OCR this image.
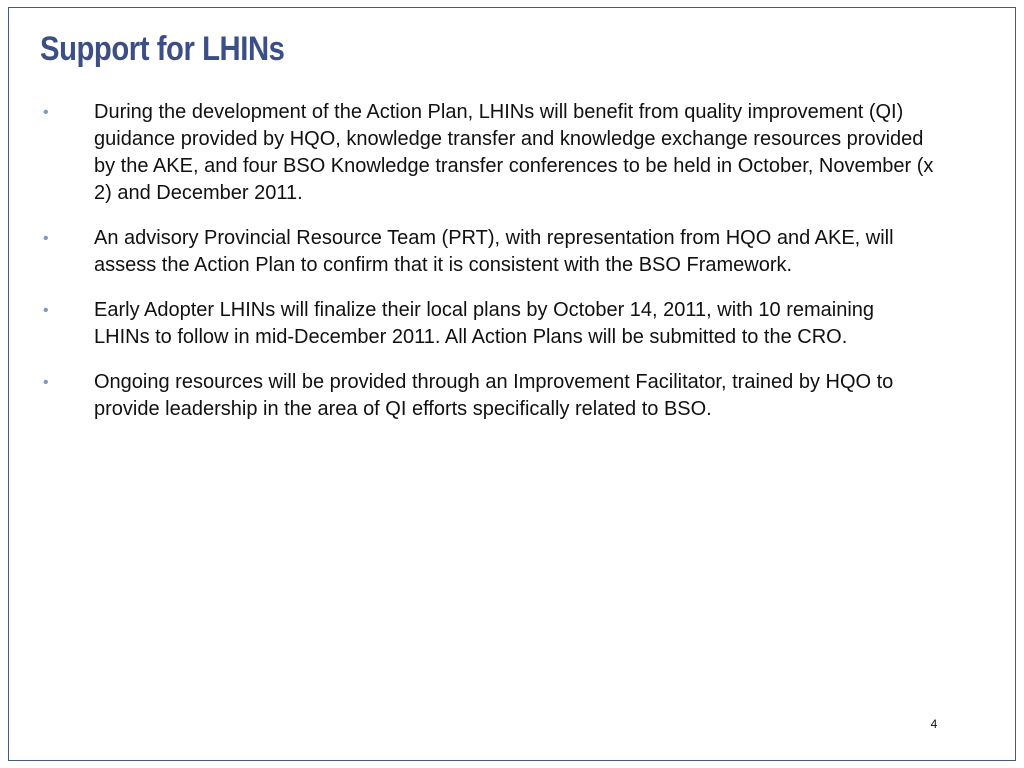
Support for LHINs
• During the development of the Action Plan, LHINs will benefit from quality improvement (QI) guidance provided by HQO, knowledge transfer and knowledge exchange resources provided by the AKE, and four BSO Knowledge transfer conferences to be held in October, November (x 2) and December 2011.
• An advisory Provincial Resource Team (PRT), with representation from HQO and AKE, will assess the Action Plan to confirm that it is consistent with the BSO Framework.
• Early Adopter LHINs will finalize their local plans by October 14, 2011, with 10 remaining LHINs to follow in mid-December 2011. All Action Plans will be submitted to the CRO.
• Ongoing resources will be provided through an Improvement Facilitator, trained by HQO to provide leadership in the area of QI efforts specifically related to BSO.
4
